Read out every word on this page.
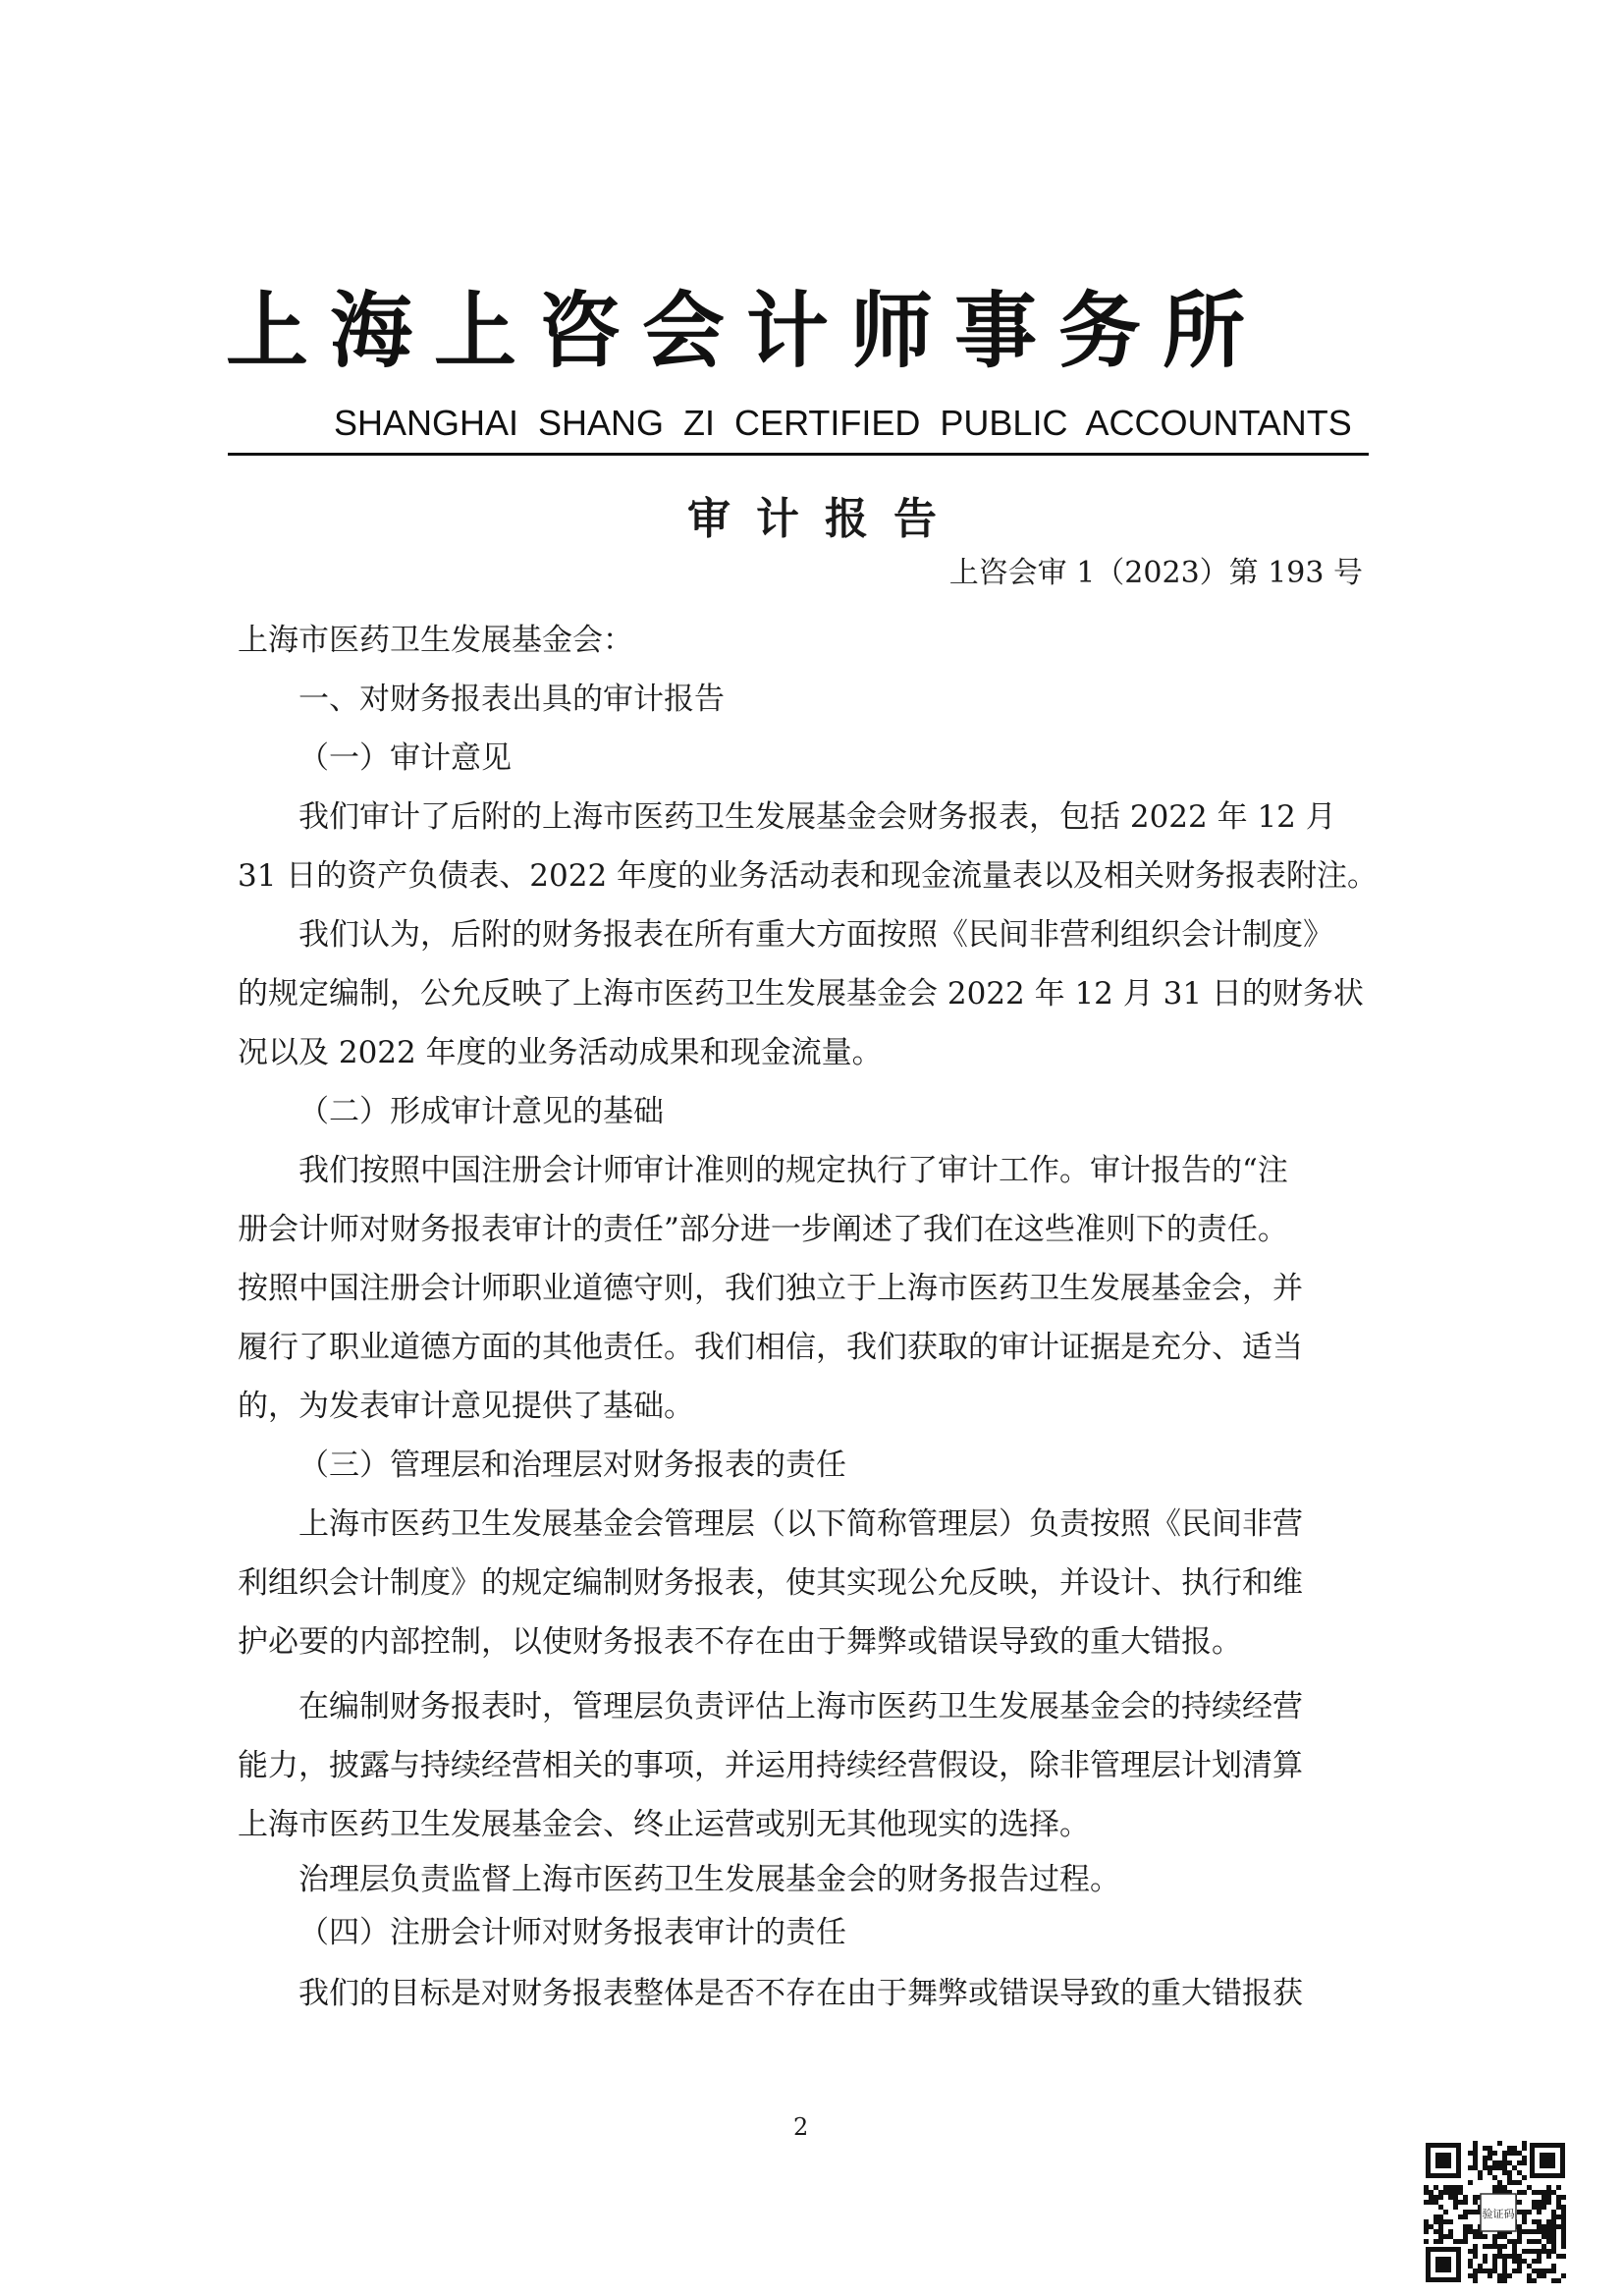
上海上咨会计师事务所
SHANGHAI SHANG ZI CERTIFIED PUBLIC ACCOUNTANTS
审计报告
上咨会审 1（2023）第 193 号
上海市医药卫生发展基金会：
一、对财务报表出具的审计报告
（一）审计意见
我们审计了后附的上海市医药卫生发展基金会财务报表，包括 2022 年 12 月
31 日的资产负债表、2022 年度的业务活动表和现金流量表以及相关财务报表附注。
我们认为，后附的财务报表在所有重大方面按照《民间非营利组织会计制度》
的规定编制，公允反映了上海市医药卫生发展基金会 2022 年 12 月 31 日的财务状
况以及 2022 年度的业务活动成果和现金流量。
（二）形成审计意见的基础
我们按照中国注册会计师审计准则的规定执行了审计工作。审计报告的“注
册会计师对财务报表审计的责任”部分进一步阐述了我们在这些准则下的责任。
按照中国注册会计师职业道德守则，我们独立于上海市医药卫生发展基金会，并
履行了职业道德方面的其他责任。我们相信，我们获取的审计证据是充分、适当
的，为发表审计意见提供了基础。
（三）管理层和治理层对财务报表的责任
上海市医药卫生发展基金会管理层（以下简称管理层）负责按照《民间非营
利组织会计制度》的规定编制财务报表，使其实现公允反映，并设计、执行和维
护必要的内部控制，以使财务报表不存在由于舞弊或错误导致的重大错报。
在编制财务报表时，管理层负责评估上海市医药卫生发展基金会的持续经营
能力，披露与持续经营相关的事项，并运用持续经营假设，除非管理层计划清算
上海市医药卫生发展基金会、终止运营或别无其他现实的选择。
治理层负责监督上海市医药卫生发展基金会的财务报告过程。
（四）注册会计师对财务报表审计的责任
我们的目标是对财务报表整体是否不存在由于舞弊或错误导致的重大错报获
2
验证码
